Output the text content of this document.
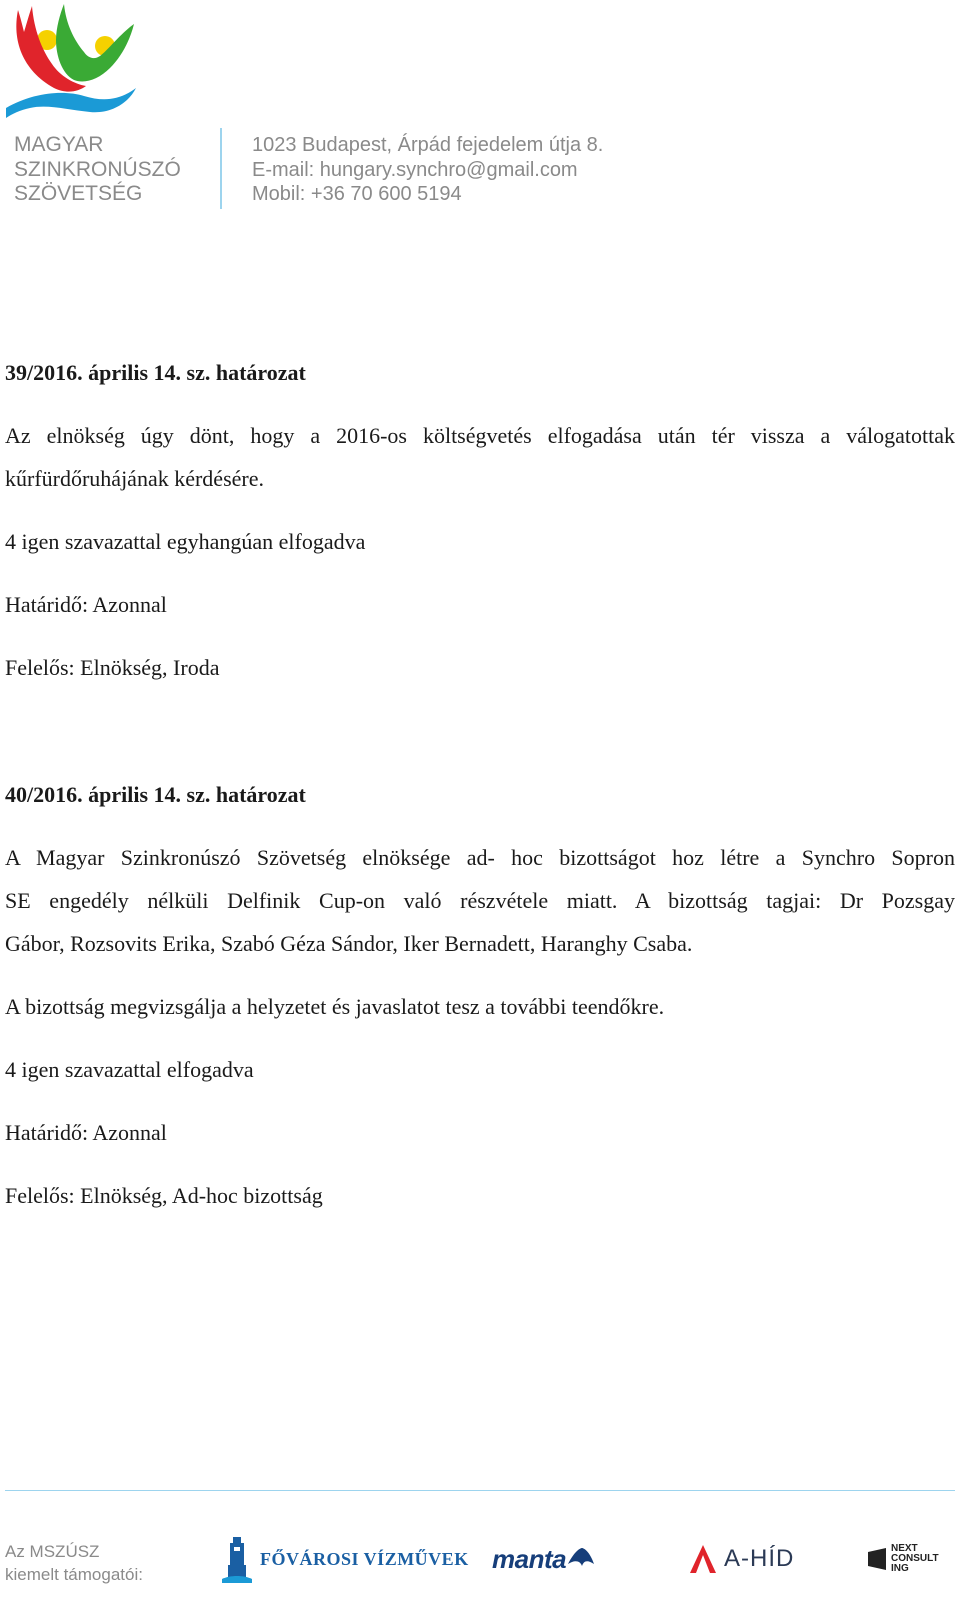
MAGYAR
SZINKRONÚSZÓ
SZÖVETSÉG
1023 Budapest, Árpád fejedelem útja 8.
E-mail: hungary.synchro@gmail.com
Mobil: +36 70 600 5194
39/2016. április 14. sz. határozat
Az elnökség úgy dönt, hogy a 2016-os költségvetés elfogadása után tér vissza a válogatottak
kűrfürdőruhájának kérdésére.
4 igen szavazattal egyhangúan elfogadva
Határidő: Azonnal
Felelős: Elnökség, Iroda
40/2016. április 14. sz. határozat
A Magyar Szinkronúszó Szövetség elnöksége ad- hoc bizottságot hoz létre a Synchro Sopron
SE engedély nélküli Delfinik Cup-on való részvétele miatt. A bizottság tagjai: Dr Pozsgay
Gábor, Rozsovits Erika, Szabó Géza Sándor, Iker Bernadett, Haranghy Csaba.
A bizottság megvizsgálja a helyzetet és javaslatot tesz a további teendőkre.
4 igen szavazattal elfogadva
Határidő: Azonnal
Felelős: Elnökség, Ad-hoc bizottság
Az MSZÚSZ
kiemelt támogatói:
FŐVÁROSI VÍZMŰVEK manta	A-HÍD	NEXT
CONSULT
ING
